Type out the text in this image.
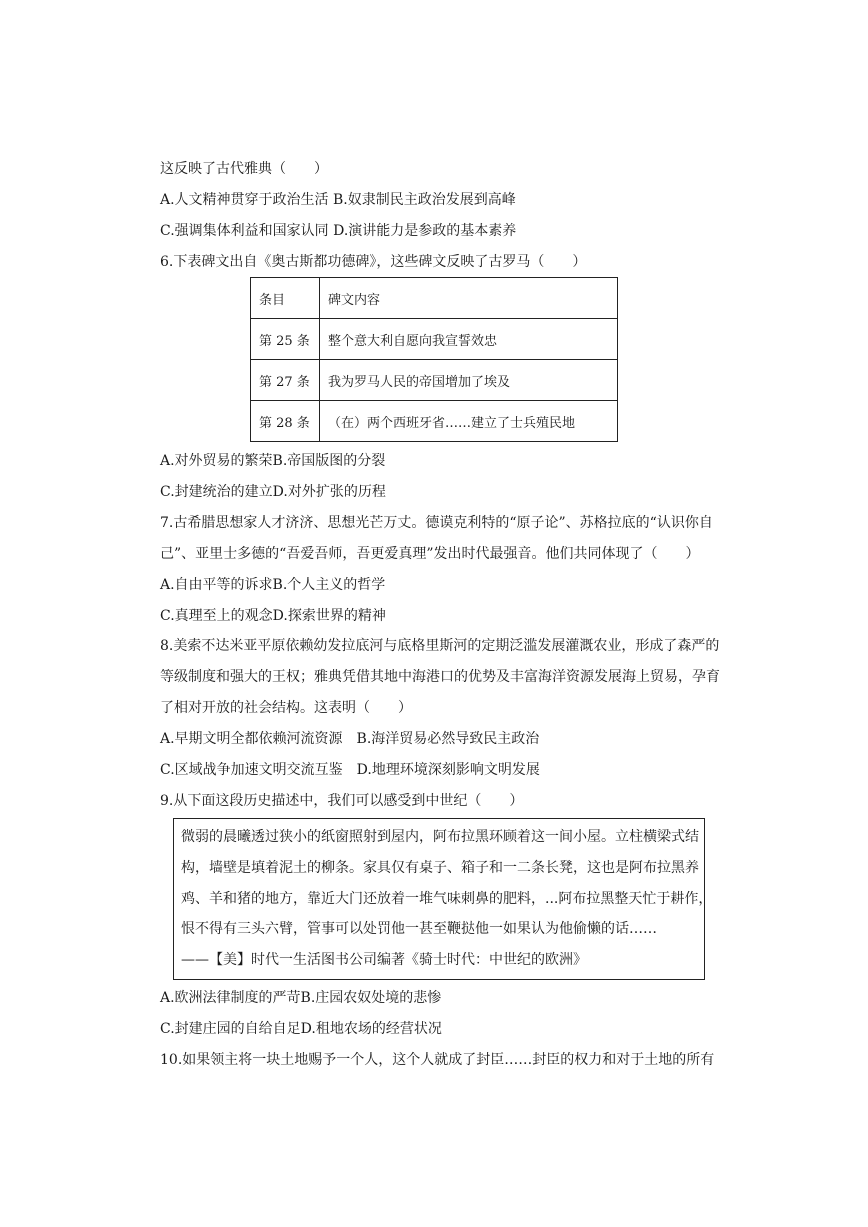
这反映了古代雅典（　　）
A.人文精神贯穿于政治生活 B.奴隶制民主政治发展到高峰
C.强调集体利益和国家认同 D.演讲能力是参政的基本素养
6.下表碑文出自《奥古斯都功德碑》，这些碑文反映了古罗马（　　）
条目	碑文内容
第 25 条	整个意大利自愿向我宣誓效忠
第 27 条	我为罗马人民的帝国增加了埃及
第 28 条	（在）两个西班牙省……建立了士兵殖民地
A.对外贸易的繁荣B.帝国版图的分裂
C.封建统治的建立D.对外扩张的历程
7.古希腊思想家人才济济、思想光芒万丈。德谟克利特的“原子论”、苏格拉底的“认识你自
己”、亚里士多德的“吾爱吾师，吾更爱真理”发出时代最强音。他们共同体现了（　　）
A.自由平等的诉求B.个人主义的哲学
C.真理至上的观念D.探索世界的精神
8.美索不达米亚平原依赖幼发拉底河与底格里斯河的定期泛滥发展灌溉农业，形成了森严的
等级制度和强大的王权；雅典凭借其地中海港口的优势及丰富海洋资源发展海上贸易，孕育
了相对开放的社会结构。这表明（　　）
A.早期文明全都依赖河流资源　B.海洋贸易必然导致民主政治
C.区域战争加速文明交流互鉴　D.地理环境深刻影响文明发展
9.从下面这段历史描述中，我们可以感受到中世纪（　　）
微弱的晨曦透过狭小的纸窗照射到屋内，阿布拉黑环顾着这一间小屋。立柱横梁式结
构，墙壁是填着泥土的柳条。家具仅有桌子、箱子和一二条长凳，这也是阿布拉黑养
鸡、羊和猪的地方，靠近大门还放着一堆气味刺鼻的肥料，...阿布拉黑整天忙于耕作，
恨不得有三头六臂，管事可以处罚他一甚至鞭挞他一如果认为他偷懒的话……
——【美】时代一生活图书公司编著《骑士时代：中世纪的欧洲》
A.欧洲法律制度的严苛B.庄园农奴处境的悲惨
C.封建庄园的自给自足D.租地农场的经营状况
10.如果领主将一块土地赐予一个人，这个人就成了封臣……封臣的权力和对于土地的所有
